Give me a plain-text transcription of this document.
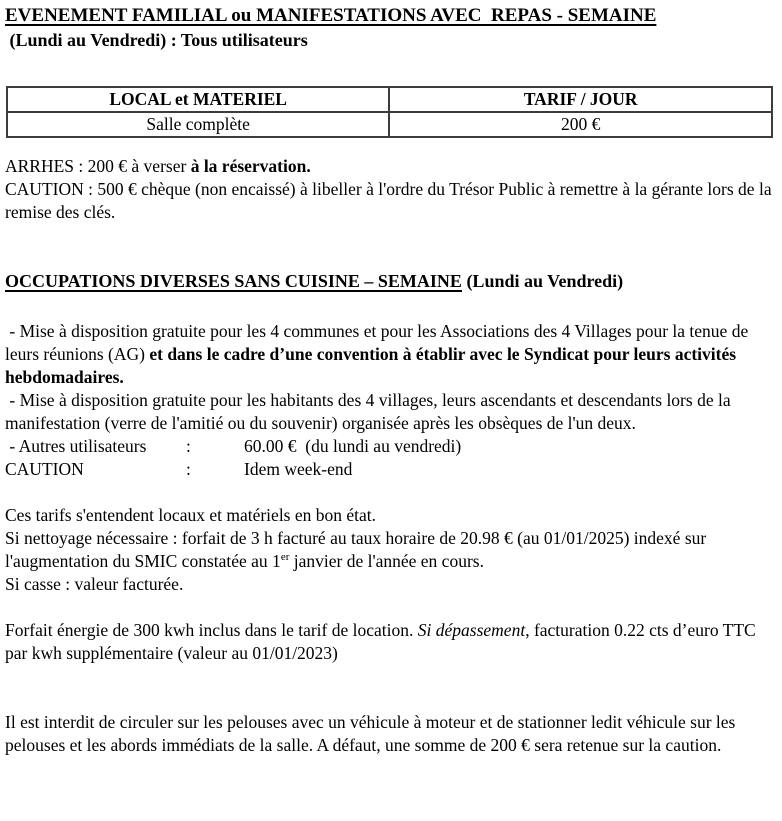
EVENEMENT FAMILIAL ou MANIFESTATIONS AVEC  REPAS - SEMAINE
(Lundi au Vendredi) : Tous utilisateurs
LOCAL et MATERIEL	TARIF / JOUR
Salle complète	200 €

ARRHES : 200 € à verser à la réservation.

CAUTION : 500 € chèque (non encaissé) à libeller à l'ordre du Trésor Public à remettre à la gérante lors de la remise des clés.

OCCUPATIONS DIVERSES SANS CUISINE – SEMAINE (Lundi au Vendredi)

- Mise à disposition gratuite pour les 4 communes et pour les Associations des 4 Villages pour la tenue de leurs réunions (AG) et dans le cadre d’une convention à établir avec le Syndicat pour leurs activités hebdomadaires.

- Mise à disposition gratuite pour les habitants des 4 villages, leurs ascendants et descendants lors de la manifestation (verre de l'amitié ou du souvenir) organisée après les obsèques de l'un deux.

- Autres utilisateurs	:	60.00 €  (du lundi au vendredi)
CAUTION	:	Idem week-end

Ces tarifs s'entendent locaux et matériels en bon état.

Si nettoyage nécessaire : forfait de 3 h facturé au taux horaire de 20.98 € (au 01/01/2025) indexé sur l'augmentation du SMIC constatée au 1er janvier de l'année en cours.

Si casse : valeur facturée.

Forfait énergie de 300 kwh inclus dans le tarif de location. Si dépassement, facturation 0.22 cts d’euro TTC par kwh supplémentaire (valeur au 01/01/2023)

Il est interdit de circuler sur les pelouses avec un véhicule à moteur et de stationner ledit véhicule sur les pelouses et les abords immédiats de la salle. A défaut, une somme de 200 € sera retenue sur la caution.
